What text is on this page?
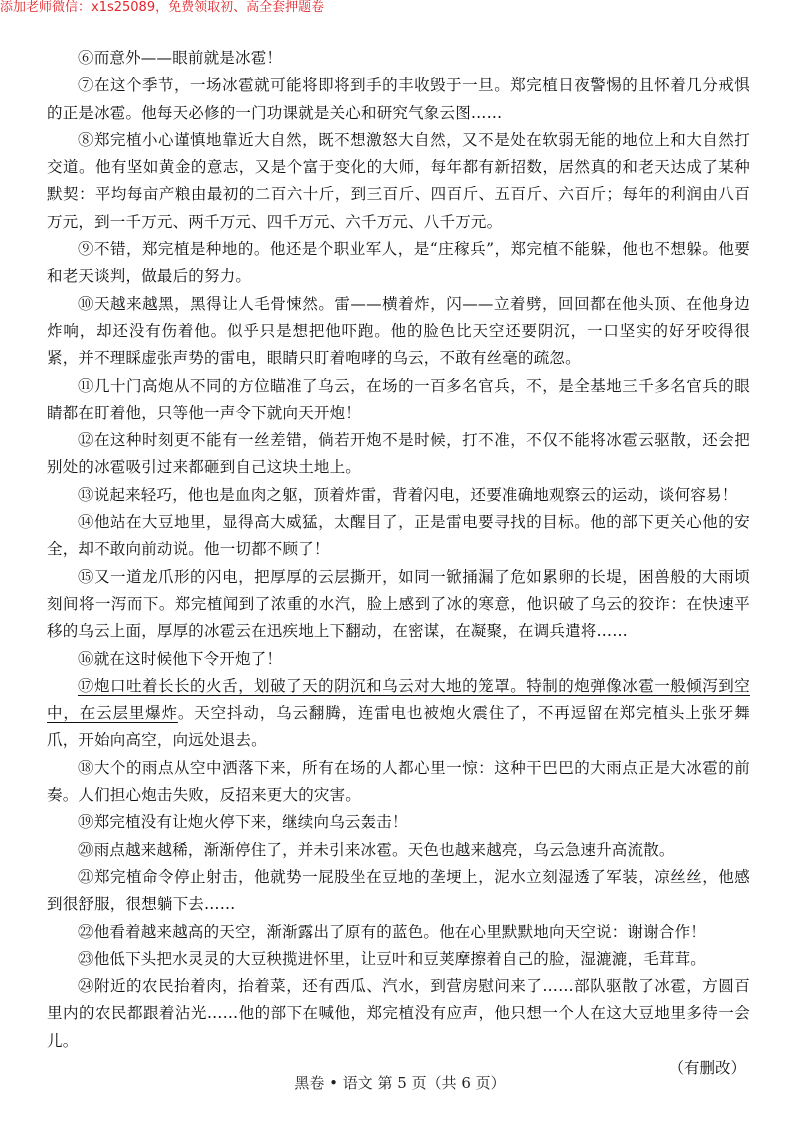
添加老师微信：x1s25089，免费领取初、高全套押题卷

⑥而意外——眼前就是冰雹！

⑦在这个季节，一场冰雹就可能将即将到手的丰收毁于一旦。郑完植日夜警惕的且怀着几分戒惧的正是冰雹。他每天必修的一门功课就是关心和研究气象云图……

⑧郑完植小心谨慎地靠近大自然，既不想激怒大自然，又不是处在软弱无能的地位上和大自然打交道。他有坚如黄金的意志，又是个富于变化的大师，每年都有新招数，居然真的和老天达成了某种默契：平均每亩产粮由最初的二百六十斤，到三百斤、四百斤、五百斤、六百斤；每年的利润由八百万元，到一千万元、两千万元、四千万元、六千万元、八千万元。

⑨不错，郑完植是种地的。他还是个职业军人，是“庄稼兵”，郑完植不能躲，他也不想躲。他要和老天谈判，做最后的努力。

⑩天越来越黑，黑得让人毛骨悚然。雷——横着炸，闪——立着劈，回回都在他头顶、在他身边炸响，却还没有伤着他。似乎只是想把他吓跑。他的脸色比天空还要阴沉，一口坚实的好牙咬得很紧，并不理睬虚张声势的雷电，眼睛只盯着咆哮的乌云，不敢有丝毫的疏忽。

⑪几十门高炮从不同的方位瞄准了乌云，在场的一百多名官兵，不，是全基地三千多名官兵的眼睛都在盯着他，只等他一声令下就向天开炮！

⑫在这种时刻更不能有一丝差错，倘若开炮不是时候，打不准，不仅不能将冰雹云驱散，还会把别处的冰雹吸引过来都砸到自己这块土地上。

⑬说起来轻巧，他也是血肉之躯，顶着炸雷，背着闪电，还要准确地观察云的运动，谈何容易！

⑭他站在大豆地里，显得高大威猛，太醒目了，正是雷电要寻找的目标。他的部下更关心他的安全，却不敢向前动说。他一切都不顾了！

⑮又一道龙爪形的闪电，把厚厚的云层撕开，如同一锨捅漏了危如累卵的长堤，困兽般的大雨顷刻间将一泻而下。郑完植闻到了浓重的水汽，脸上感到了冰的寒意，他识破了乌云的狡诈：在快速平移的乌云上面，厚厚的冰雹云在迅疾地上下翻动，在密谋，在凝聚，在调兵遣将……

⑯就在这时候他下令开炮了！

⑰炮口吐着长长的火舌，划破了天的阴沉和乌云对大地的笼罩。特制的炮弹像冰雹一般倾泻到空中，在云层里爆炸。天空抖动，乌云翻腾，连雷电也被炮火震住了，不再逗留在郑完植头上张牙舞爪，开始向高空，向远处退去。

⑱大个的雨点从空中洒落下来，所有在场的人都心里一惊：这种干巴巴的大雨点正是大冰雹的前奏。人们担心炮击失败，反招来更大的灾害。

⑲郑完植没有让炮火停下来，继续向乌云轰击！

⑳雨点越来越稀，渐渐停住了，并未引来冰雹。天色也越来越亮，乌云急速升高流散。

㉑郑完植命令停止射击，他就势一屁股坐在豆地的垄埂上，泥水立刻湿透了军装，凉丝丝，他感到很舒服，很想躺下去……

㉒他看着越来越高的天空，渐渐露出了原有的蓝色。他在心里默默地向天空说：谢谢合作！

㉓他低下头把水灵灵的大豆秧揽进怀里，让豆叶和豆荚摩擦着自己的脸，湿漉漉，毛茸茸。

㉔附近的农民抬着肉，抬着菜，还有西瓜、汽水，到营房慰问来了……部队驱散了冰雹，方圆百里内的农民都跟着沾光……他的部下在喊他，郑完植没有应声，他只想一个人在这大豆地里多待一会儿。

（有删改）

黑卷 • 语文 第 5 页（共 6 页）
